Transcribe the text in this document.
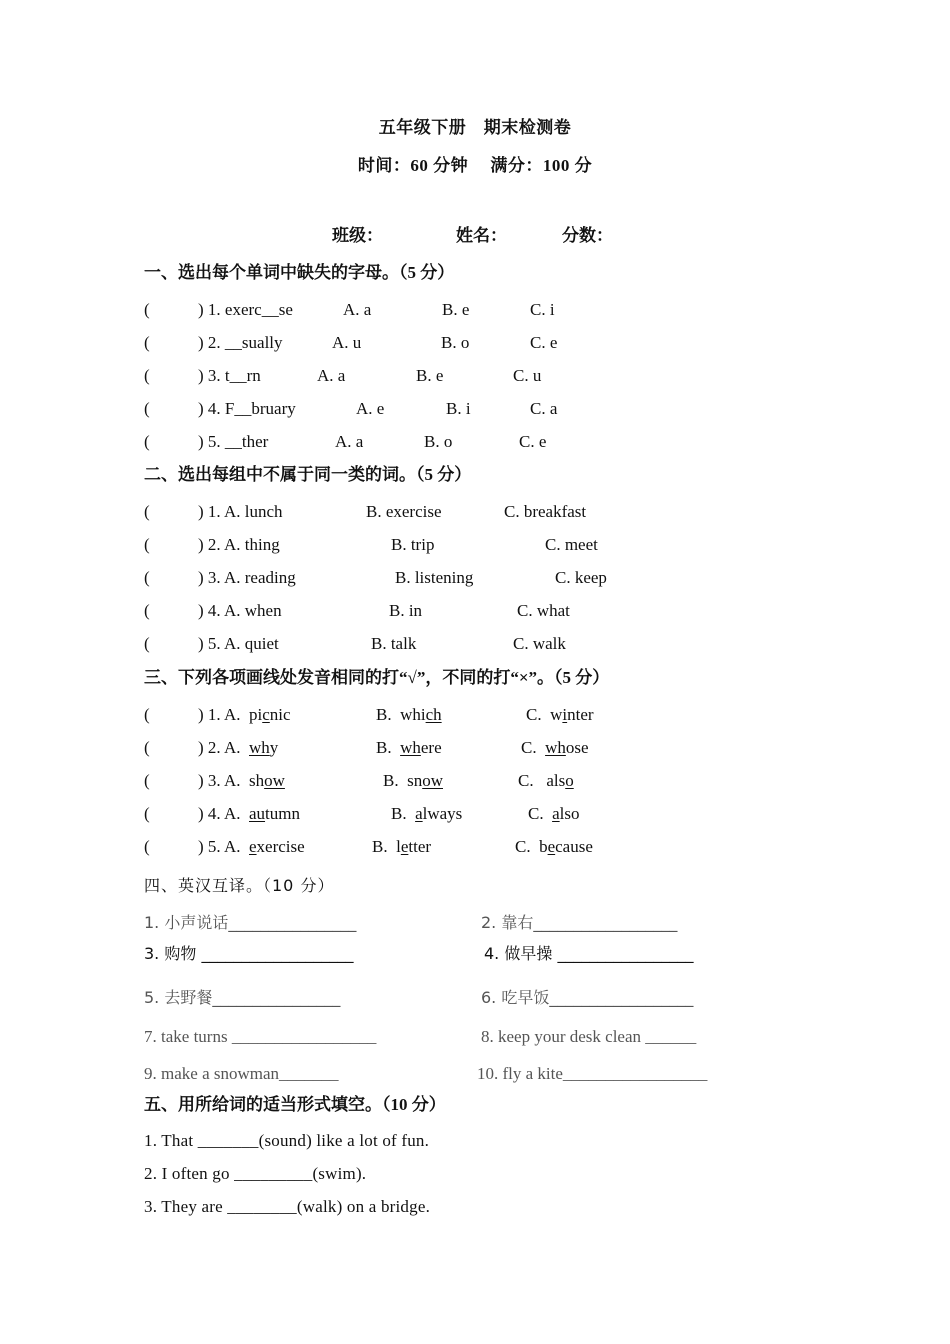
五年级下册　期末检测卷
时间：60 分钟　 满分：100 分
班级：	姓名：	分数：
一、选出每个单词中缺失的字母。（5 分）
(	) 1. exerc__se	A. a	B. e	C. i
(	) 2. __sually	A. u	B. o	C. e
(	) 3. t__rn	A. a	B. e	C. u
(	) 4. F__bruary	A. e	B. i	C. a
(	) 5. __ther	A. a	B. o	C. e
二、选出每组中不属于同一类的词。（5 分）
(	) 1. A. lunch	B. exercise	C. breakfast
(	) 2. A. thing	B. trip	C. meet
(	) 3. A. reading	B. listening	C. keep
(	) 4. A. when	B. in	C. what
(	) 5. A. quiet	B. talk	C. walk
三、下列各项画线处发音相同的打“√”，不同的打“×”。（5 分）
(	) 1. A.  picnic	B.  which	C.  winter
(	) 2. A.  why	B.  where	C.  whose
(	) 3. A.  show	B.  snow	C.   also
(	) 4. A.  autumn	B.  always	C.  also
(	) 5. A.  exercise	B.  letter	C.  because
四、英汉互译。（10 分）
1. 小声说话________________	2. 靠右__________________
3. 购物 ___________________	4. 做早操 _________________
5. 去野餐________________	6. 吃早饭__________________
7. take turns _________________	8. keep your desk clean ______
9. make a snowman_______	10. fly a kite_________________
五、用所给词的适当形式填空。（10 分）
1. That _______(sound) like a lot of fun.
2. I often go _________(swim).
3. They are ________(walk) on a bridge.
